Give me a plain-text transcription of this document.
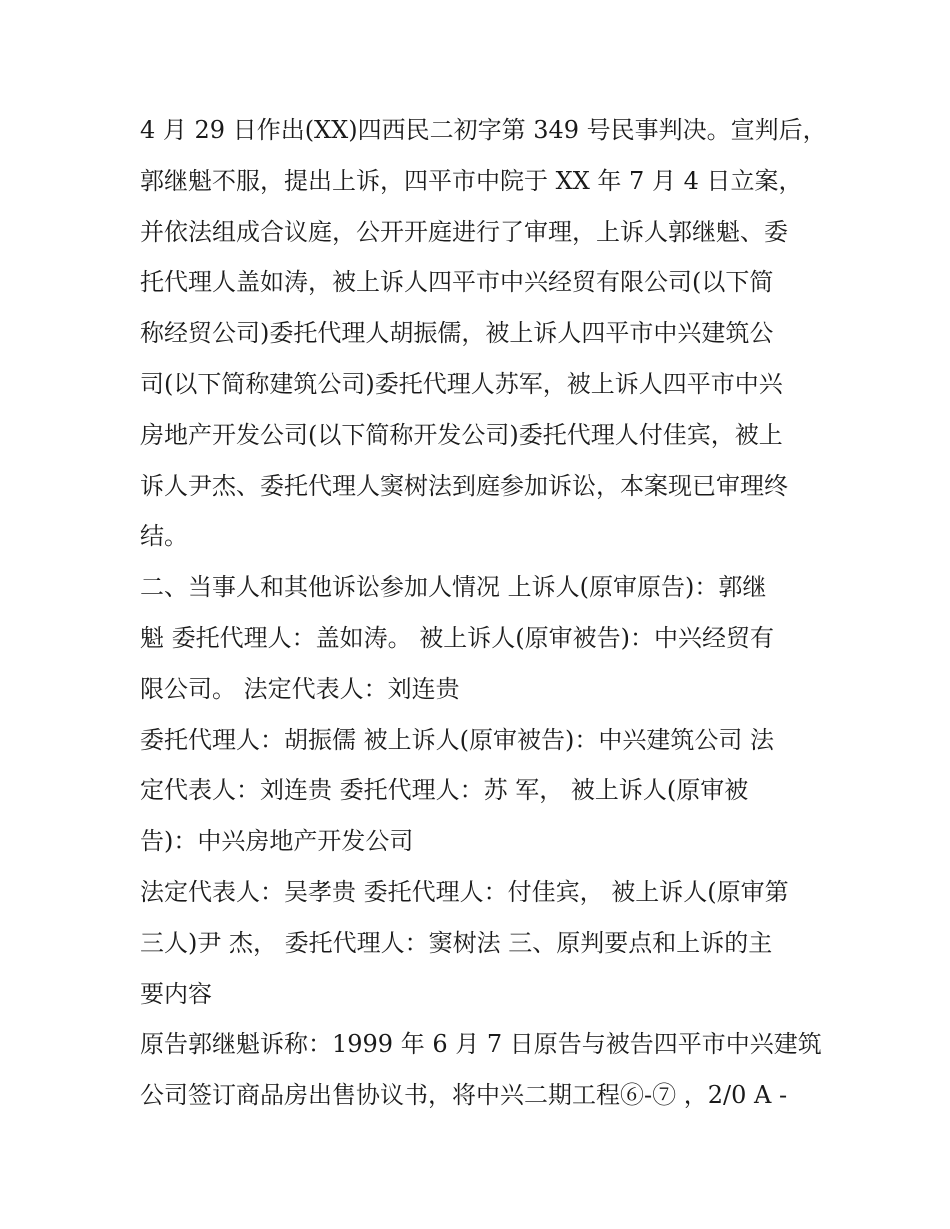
4 月 29 日作出(XX)四西民二初字第 349 号民事判决。宣判后，
郭继魁不服，提出上诉，四平市中院于 XX 年 7 月 4 日立案，
并依法组成合议庭，公开开庭进行了审理，上诉人郭继魁、委
托代理人盖如涛，被上诉人四平市中兴经贸有限公司(以下简
称经贸公司)委托代理人胡振儒，被上诉人四平市中兴建筑公
司(以下简称建筑公司)委托代理人苏军，被上诉人四平市中兴
房地产开发公司(以下简称开发公司)委托代理人付佳宾，被上
诉人尹杰、委托代理人窦树法到庭参加诉讼，本案现已审理终
结。
二、当事人和其他诉讼参加人情况 上诉人(原审原告)：郭继
魁 委托代理人：盖如涛。 被上诉人(原审被告)：中兴经贸有
限公司。 法定代表人：刘连贵
委托代理人：胡振儒 被上诉人(原审被告)：中兴建筑公司 法
定代表人：刘连贵 委托代理人：苏 军， 被上诉人(原审被
告)：中兴房地产开发公司
法定代表人：吴孝贵 委托代理人：付佳宾， 被上诉人(原审第
三人)尹 杰， 委托代理人：窦树法 三、原判要点和上诉的主
要内容
原告郭继魁诉称：1999 年 6 月 7 日原告与被告四平市中兴建筑
公司签订商品房出售协议书，将中兴二期工程⑥-⑦ ，2/0 A -
